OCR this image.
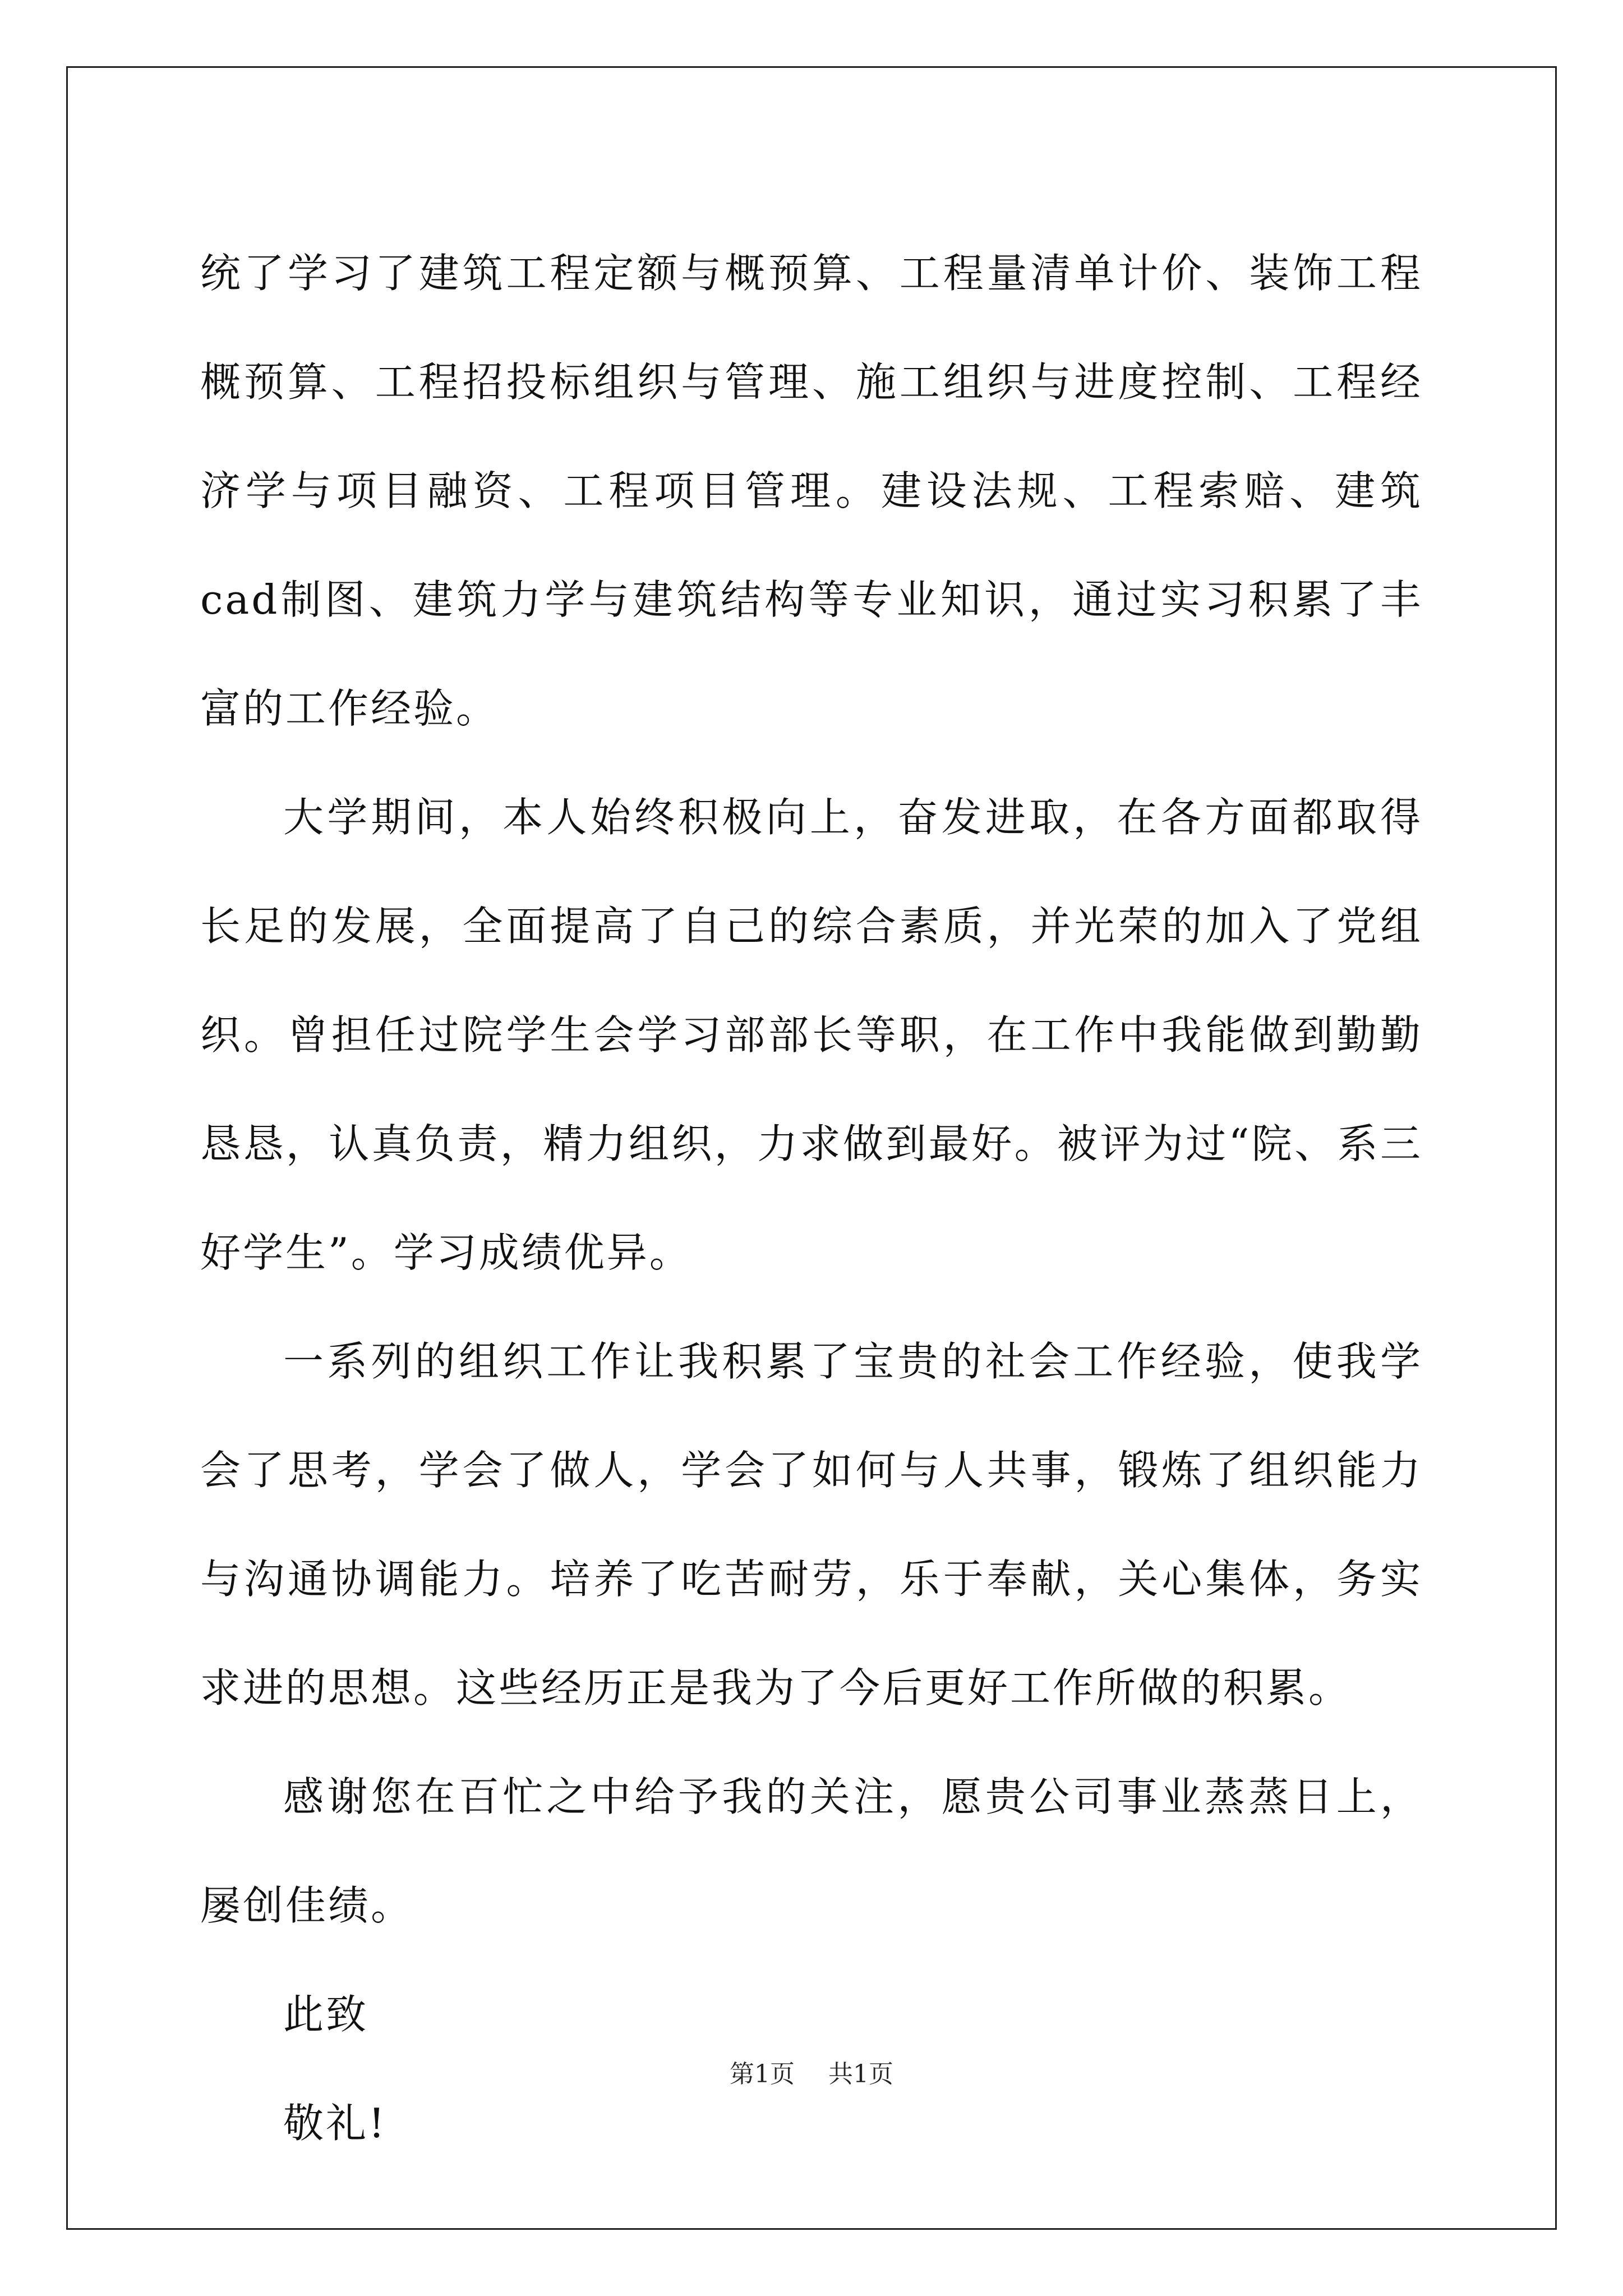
统了学习了建筑工程定额与概预算、工程量清单计价、装饰工程概预算、工程招投标组织与管理、施工组织与进度控制、工程经济学与项目融资、工程项目管理。建设法规、工程索赔、建筑cad制图、建筑力学与建筑结构等专业知识，通过实习积累了丰富的工作经验。

大学期间，本人始终积极向上，奋发进取，在各方面都取得长足的发展，全面提高了自己的综合素质，并光荣的加入了党组织。曾担任过院学生会学习部部长等职，在工作中我能做到勤勤恳恳，认真负责，精力组织，力求做到最好。被评为过“院、系三好学生”。学习成绩优异。

一系列的组织工作让我积累了宝贵的社会工作经验，使我学会了思考，学会了做人，学会了如何与人共事，锻炼了组织能力与沟通协调能力。培养了吃苦耐劳，乐于奉献，关心集体，务实求进的思想。这些经历正是我为了今后更好工作所做的积累。

感谢您在百忙之中给予我的关注，愿贵公司事业蒸蒸日上，屡创佳绩。

此致

敬礼!

第1页 共1页
